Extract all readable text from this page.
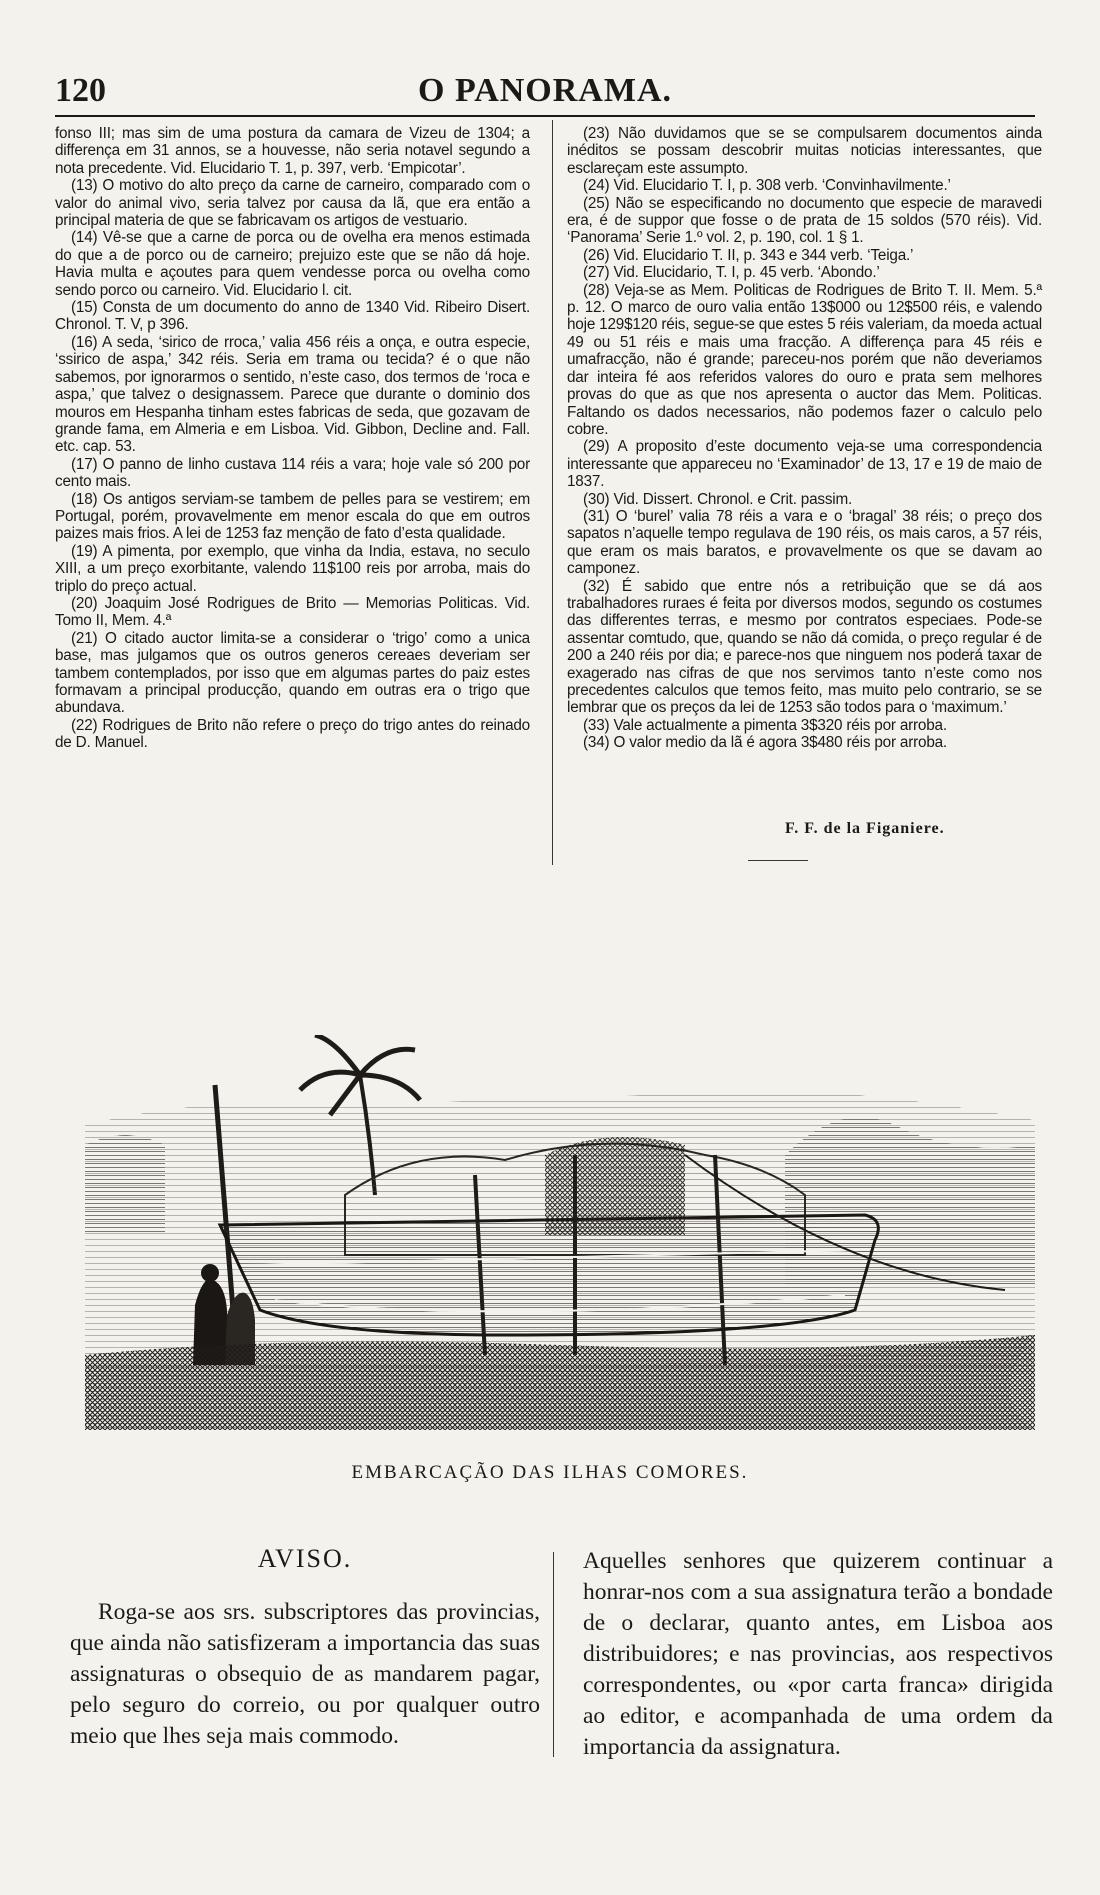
120	O PANORAMA.

fonso III; mas sim de uma postura da camara de Vizeu de 1304; a differença em 31 annos, se a houvesse, não seria notavel segundo a nota precedente. Vid. Elucidario T. 1, p. 397, verb. ‘Empicotar’.

(13) O motivo do alto preço da carne de carneiro, comparado com o valor do animal vivo, seria talvez por causa da lã, que era então a principal materia de que se fabricavam os artigos de vestuario.

(14) Vê-se que a carne de porca ou de ovelha era menos estimada do que a de porco ou de carneiro; prejuizo este que se não dá hoje. Havia multa e açoutes para quem vendesse porca ou ovelha como sendo porco ou carneiro. Vid. Elucidario l. cit.

(15) Consta de um documento do anno de 1340 Vid. Ribeiro Disert. Chronol. T. V, p 396.

(16) A seda, ‘sirico de rroca,’ valia 456 réis a onça, e outra especie, ‘ssirico de aspa,’ 342 réis. Seria em trama ou tecida? é o que não sabemos, por ignorarmos o sentido, n’este caso, dos termos de ‘roca e aspa,’ que talvez o designassem. Parece que durante o dominio dos mouros em Hespanha tinham estes fabricas de seda, que gozavam de grande fama, em Almeria e em Lisboa. Vid. Gibbon, Decline and. Fall. etc. cap. 53.

(17) O panno de linho custava 114 réis a vara; hoje vale só 200 por cento mais.

(18) Os antigos serviam-se tambem de pelles para se vestirem; em Portugal, porém, provavelmente em menor escala do que em outros paizes mais frios. A lei de 1253 faz menção de fato d’esta qualidade.

(19) A pimenta, por exemplo, que vinha da India, estava, no seculo XIII, a um preço exorbitante, valendo 11$100 reis por arroba, mais do triplo do preço actual.

(20) Joaquim José Rodrigues de Brito — Memorias Politicas. Vid. Tomo II, Mem. 4.ª

(21) O citado auctor limita-se a considerar o ‘trigo’ como a unica base, mas julgamos que os outros generos cereaes deveriam ser tambem contemplados, por isso que em algumas partes do paiz estes formavam a principal producção, quando em outras era o trigo que abundava.

(22) Rodrigues de Brito não refere o preço do trigo antes do reinado de D. Manuel.

(23) Não duvidamos que se se compulsarem documentos ainda inéditos se possam descobrir muitas noticias interessantes, que esclareçam este assumpto.

(24) Vid. Elucidario T. I, p. 308 verb. ‘Convinhavilmente.’

(25) Não se especificando no documento que especie de maravedi era, é de suppor que fosse o de prata de 15 soldos (570 réis). Vid. ‘Panorama’ Serie 1.º vol. 2, p. 190, col. 1 § 1.

(26) Vid. Elucidario T. II, p. 343 e 344 verb. ‘Teiga.’

(27) Vid. Elucidario, T. I, p. 45 verb. ‘Abondo.’

(28) Veja-se as Mem. Politicas de Rodrigues de Brito T. II. Mem. 5.ª p. 12. O marco de ouro valia então 13$000 ou 12$500 réis, e valendo hoje 129$120 réis, segue-se que estes 5 réis valeriam, da moeda actual 49 ou 51 réis e mais uma fracção. A differença para 45 réis e umafracção, não é grande; pareceu-nos porém que não deveriamos dar inteira fé aos referidos valores do ouro e prata sem melhores provas do que as que nos apresenta o auctor das Mem. Politicas. Faltando os dados necessarios, não podemos fazer o calculo pelo cobre.

(29) A proposito d’este documento veja-se uma correspondencia interessante que appareceu no ‘Examinador’ de 13, 17 e 19 de maio de 1837.

(30) Vid. Dissert. Chronol. e Crit. passim.

(31) O ‘burel’ valia 78 réis a vara e o ‘bragal’ 38 réis; o preço dos sapatos n’aquelle tempo regulava de 190 réis, os mais caros, a 57 réis, que eram os mais baratos, e provavelmente os que se davam ao camponez.

(32) É sabido que entre nós a retribuição que se dá aos trabalhadores ruraes é feita por diversos modos, segundo os costumes das differentes terras, e mesmo por contratos especiaes. Pode-se assentar comtudo, que, quando se não dá comida, o preço regular é de 200 a 240 réis por dia; e parece-nos que ninguem nos poderá taxar de exagerado nas cifras de que nos servimos tanto n’este como nos precedentes calculos que temos feito, mas muito pelo contrario, se se lembrar que os preços da lei de 1253 são todos para o ‘maximum.’

(33) Vale actualmente a pimenta 3$320 réis por arroba.

(34) O valor medio da lã é agora 3$480 réis por arroba.

F. F. de la Figaniere.
EMBARCAÇÃO DAS ILHAS COMORES.
AVISO.
Roga-se aos srs. subscriptores das provincias, que ainda não satisfizeram a importancia das suas assignaturas o obsequio de as mandarem pagar, pelo seguro do correio, ou por qualquer outro meio que lhes seja mais commodo.
Aquelles senhores que quizerem continuar a honrar-nos com a sua assignatura terão a bondade de o declarar, quanto antes, em Lisboa aos distribuidores; e nas provincias, aos respectivos correspondentes, ou «por carta franca» dirigida ao editor, e acompanhada de uma ordem da importancia da assignatura.
